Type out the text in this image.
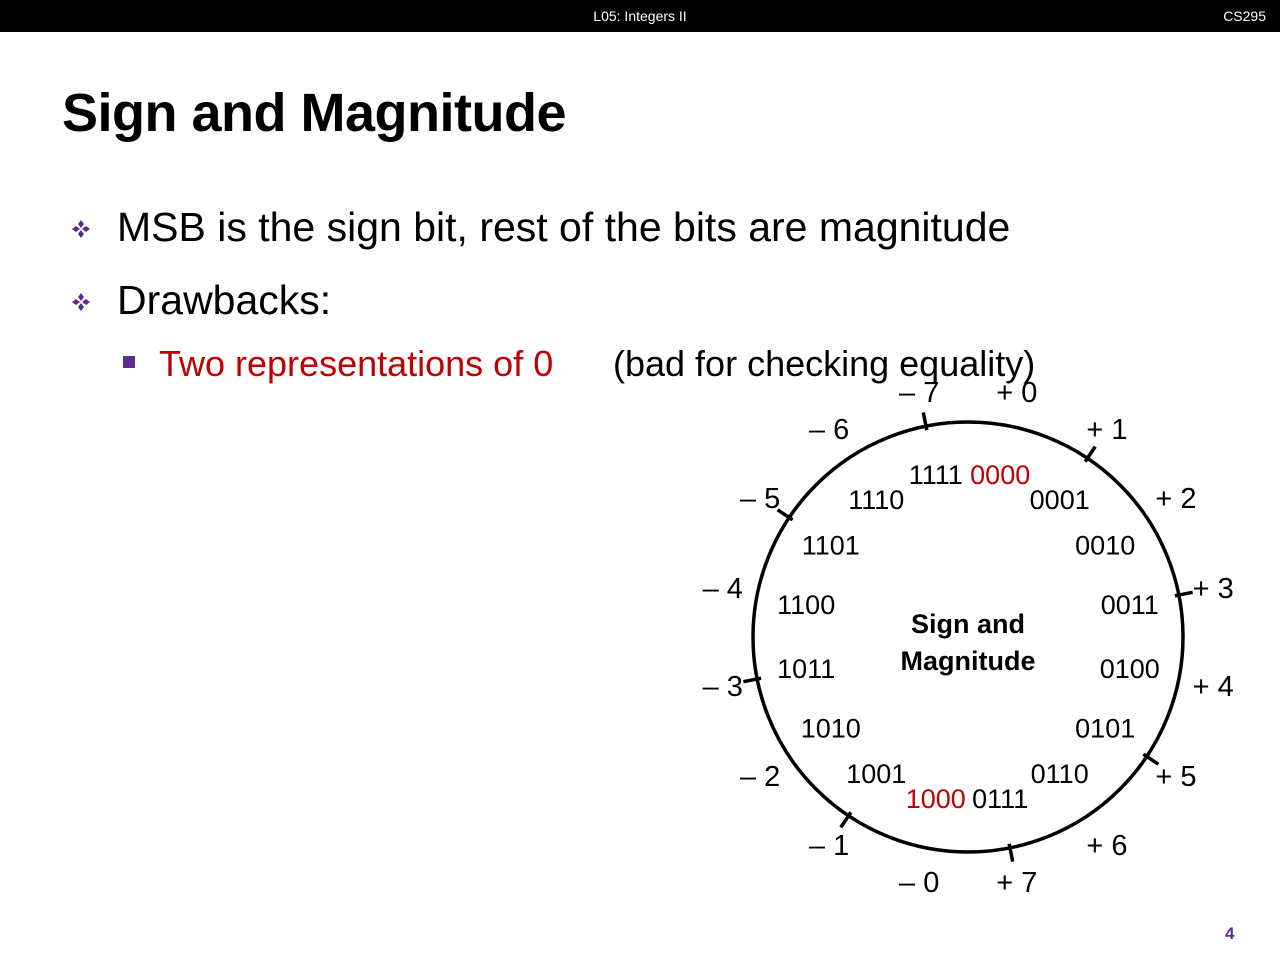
L05: Integers II	CS295
Sign and Magnitude
MSB is the sign bit, rest of the bits are magnitude
Drawbacks:
Two representations of 0 (bad for checking equality)
Sign and
Magnitude
1111 0000
0001
0010
0011
0100
0101
0110
0111
1000
1001
1010
1011
1100
1101
1110
– 7 + 0
+ 1
+ 2
+ 3
+ 4
+ 5
+ 6
+ 7
– 0
– 1
– 2
– 3
– 4
– 5
– 6
4
